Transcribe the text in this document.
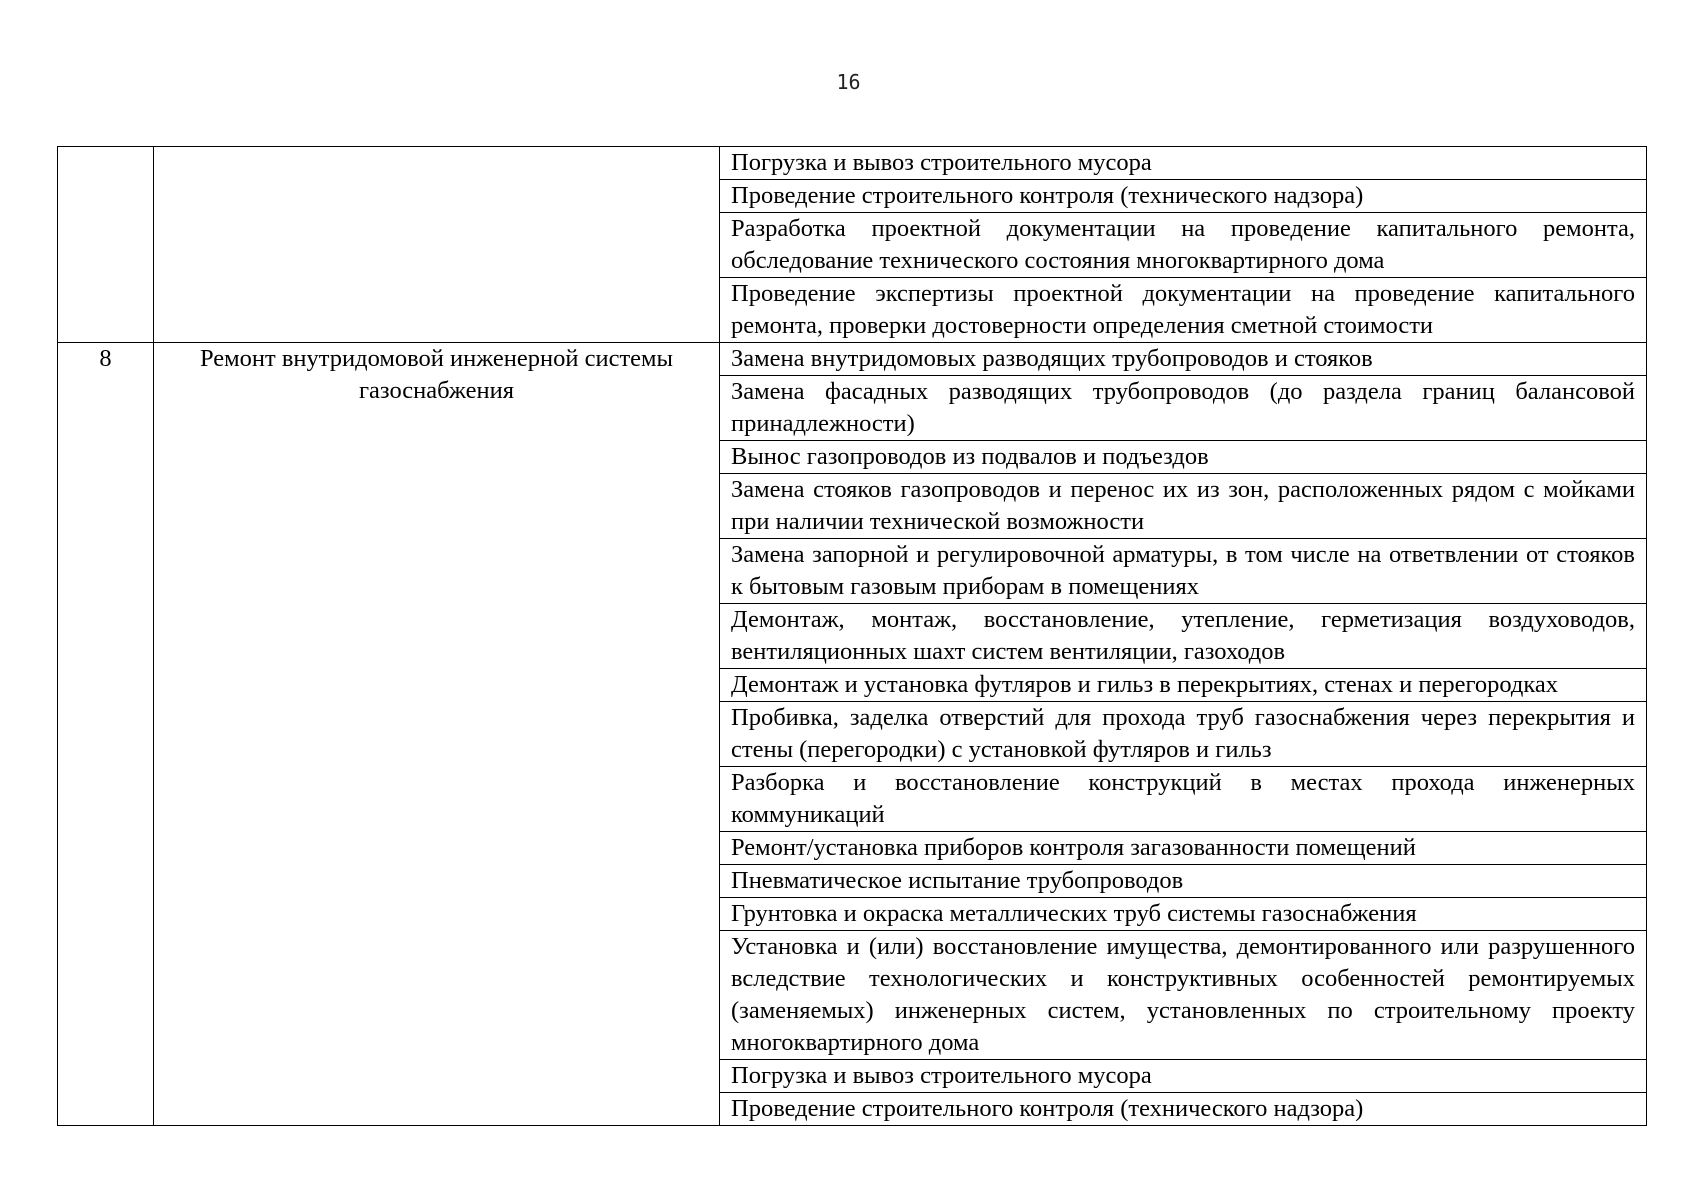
16
		Погрузка и вывоз строительного мусора
		Проведение строительного контроля (технического надзора)
		Разработка проектной документации на проведение капитального ремонта, обследование технического состояния многоквартирного дома
		Проведение экспертизы проектной документации на проведение капитального ремонта, проверки достоверности определения сметной стоимости
8	Ремонт внутридомовой инженерной системы газоснабжения	Замена внутридомовых разводящих трубопроводов и стояков
		Замена фасадных разводящих трубопроводов (до раздела границ балансовой принадлежности)
		Вынос газопроводов из подвалов и подъездов
		Замена стояков газопроводов и перенос их из зон, расположенных рядом с мойками при наличии технической возможности
		Замена запорной и регулировочной арматуры, в том числе на ответвлении от стояков к бытовым газовым приборам в помещениях
		Демонтаж, монтаж, восстановление, утепление, герметизация воздуховодов, вентиляционных шахт систем вентиляции, газоходов
		Демонтаж и установка футляров и гильз в перекрытиях, стенах и перегородках
		Пробивка, заделка отверстий для прохода труб газоснабжения через перекрытия и стены (перегородки) с установкой футляров и гильз
		Разборка и восстановление конструкций в местах прохода инженерных коммуникаций
		Ремонт/установка приборов контроля загазованности помещений
		Пневматическое испытание трубопроводов
		Грунтовка и окраска металлических труб системы газоснабжения
		Установка и (или) восстановление имущества, демонтированного или разрушенного вследствие технологических и конструктивных особенностей ремонтируемых (заменяемых) инженерных систем, установленных по строительному проекту многоквартирного дома
		Погрузка и вывоз строительного мусора
		Проведение строительного контроля (технического надзора)
